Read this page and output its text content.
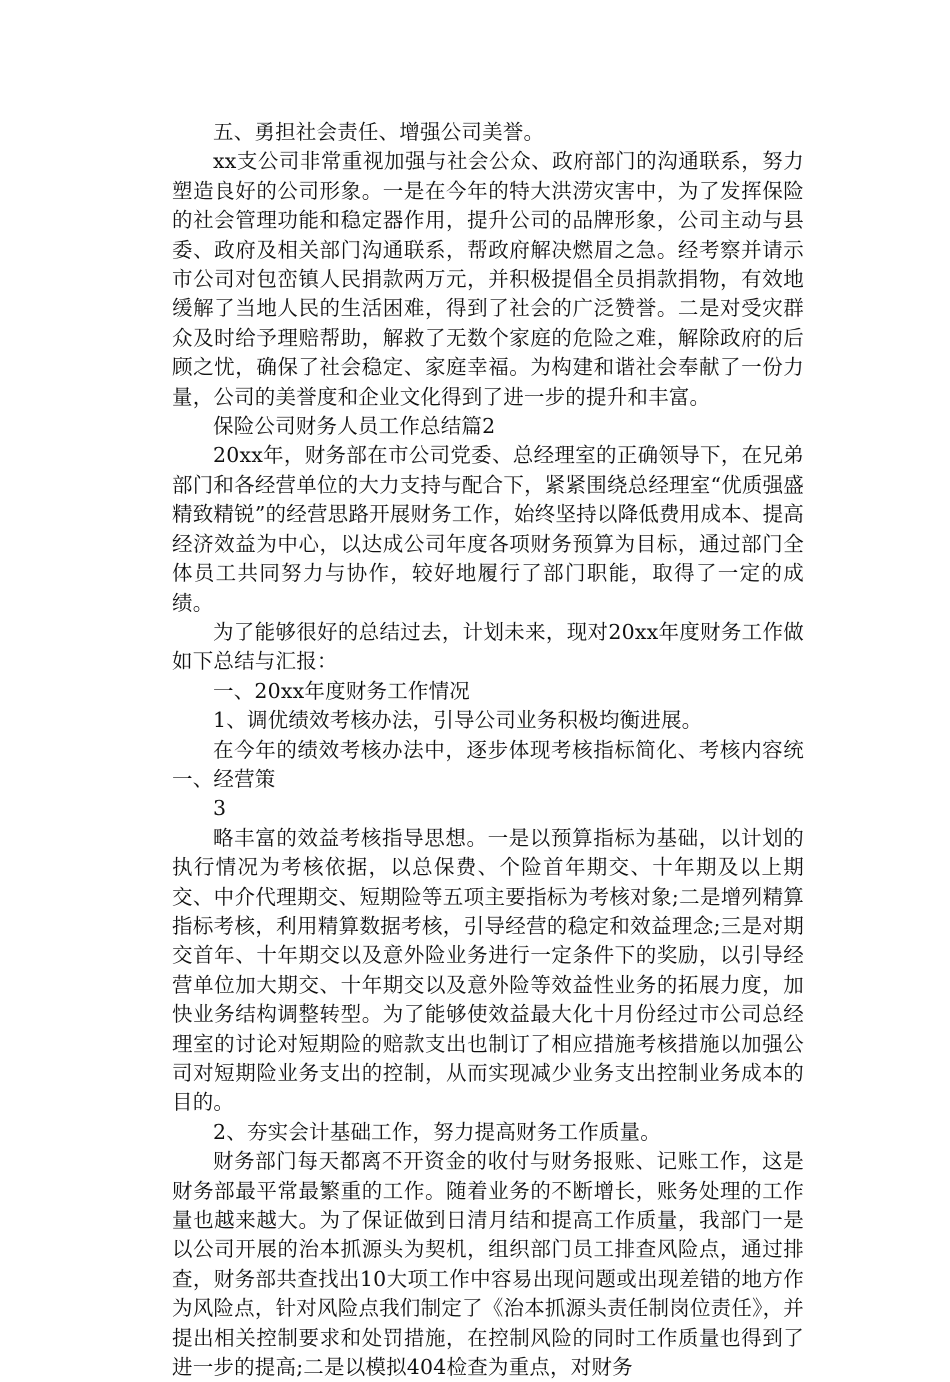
五、勇担社会责任、增强公司美誉。

xx支公司非常重视加强与社会公众、政府部门的沟通联系，努力塑造良好的公司形象。一是在今年的特大洪涝灾害中，为了发挥保险的社会管理功能和稳定器作用，提升公司的品牌形象，公司主动与县委、政府及相关部门沟通联系，帮政府解决燃眉之急。经考察并请示市公司对包峦镇人民捐款两万元，并积极提倡全员捐款捐物，有效地缓解了当地人民的生活困难，得到了社会的广泛赞誉。二是对受灾群众及时给予理赔帮助，解救了无数个家庭的危险之难，解除政府的后顾之忧，确保了社会稳定、家庭幸福。为构建和谐社会奉献了一份力量，公司的美誉度和企业文化得到了进一步的提升和丰富。

保险公司财务人员工作总结篇2

20xx年，财务部在市公司党委、总经理室的正确领导下，在兄弟部门和各经营单位的大力支持与配合下，紧紧围绕总经理室“优质强盛精致精锐”的经营思路开展财务工作，始终坚持以降低费用成本、提高经济效益为中心，以达成公司年度各项财务预算为目标，通过部门全体员工共同努力与协作，较好地履行了部门职能，取得了一定的成绩。

为了能够很好的总结过去，计划未来，现对20xx年度财务工作做如下总结与汇报：

一、20xx年度财务工作情况

1、调优绩效考核办法，引导公司业务积极均衡进展。

在今年的绩效考核办法中，逐步体现考核指标简化、考核内容统一、经营策

3

略丰富的效益考核指导思想。一是以预算指标为基础，以计划的执行情况为考核依据，以总保费、个险首年期交、十年期及以上期交、中介代理期交、短期险等五项主要指标为考核对象;二是增列精算指标考核，利用精算数据考核，引导经营的稳定和效益理念;三是对期交首年、十年期交以及意外险业务进行一定条件下的奖励，以引导经营单位加大期交、十年期交以及意外险等效益性业务的拓展力度，加快业务结构调整转型。为了能够使效益最大化十月份经过市公司总经理室的讨论对短期险的赔款支出也制订了相应措施考核措施以加强公司对短期险业务支出的控制，从而实现减少业务支出控制业务成本的目的。

2、夯实会计基础工作，努力提高财务工作质量。

财务部门每天都离不开资金的收付与财务报账、记账工作，这是财务部最平常最繁重的工作。随着业务的不断增长，账务处理的工作量也越来越大。为了保证做到日清月结和提高工作质量，我部门一是以公司开展的治本抓源头为契机，组织部门员工排查风险点，通过排查，财务部共查找出10大项工作中容易出现问题或出现差错的地方作为风险点，针对风险点我们制定了《治本抓源头责任制岗位责任》，并提出相关控制要求和处罚措施，在控制风险的同时工作质量也得到了进一步的提高;二是以模拟404检查为重点，对财务
